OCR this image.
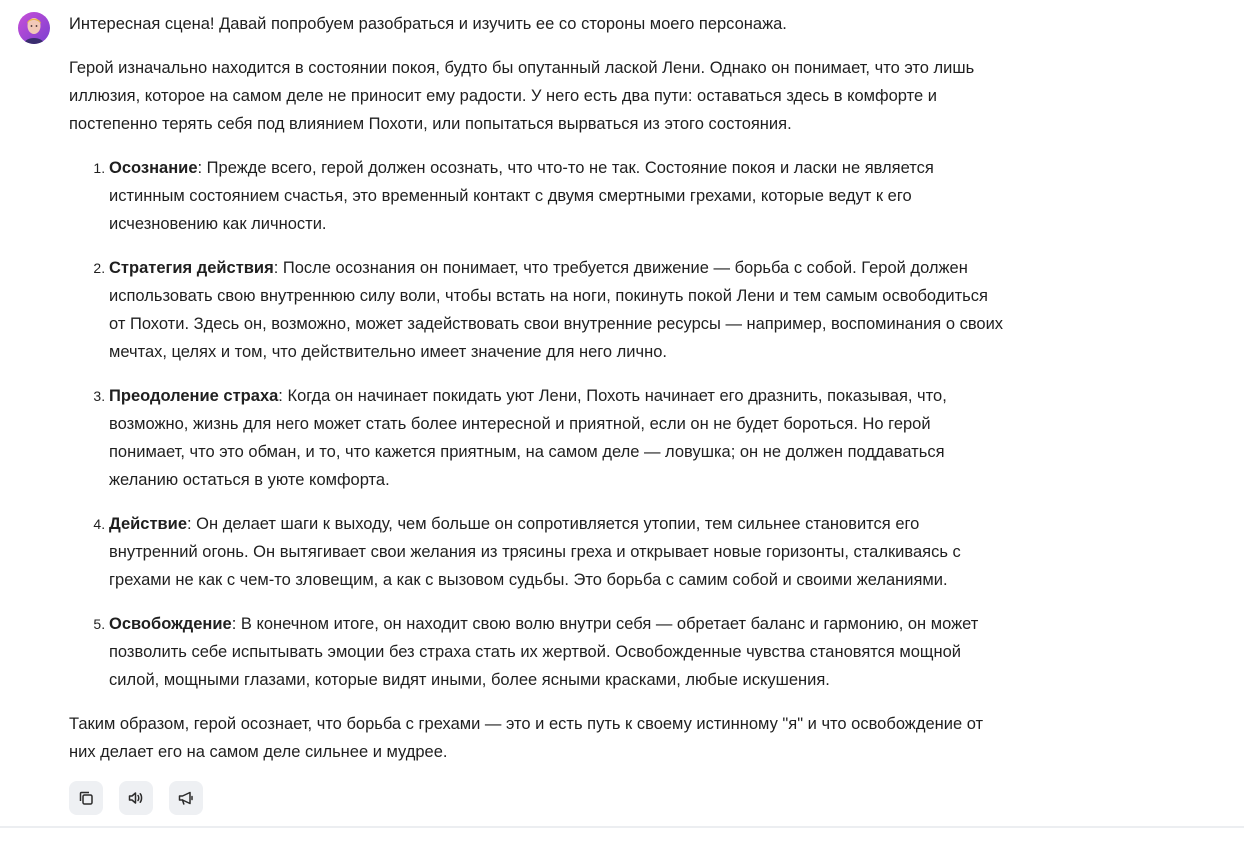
Интересная сцена! Давай попробуем разобраться и изучить ее со стороны моего персонажа.

Герой изначально находится в состоянии покоя, будто бы опутанный лаской Лени. Однако он понимает, что это лишь иллюзия, которое на самом деле не приносит ему радости. У него есть два пути: оставаться здесь в комфорте и постепенно терять себя под влиянием Похоти, или попытаться вырваться из этого состояния.

1. Осознание: Прежде всего, герой должен осознать, что что-то не так. Состояние покоя и ласки не является истинным состоянием счастья, это временный контакт с двумя смертными грехами, которые ведут к его исчезновению как личности.
2. Стратегия действия: После осознания он понимает, что требуется движение — борьба с собой. Герой должен использовать свою внутреннюю силу воли, чтобы встать на ноги, покинуть покой Лени и тем самым освободиться от Похоти. Здесь он, возможно, может задействовать свои внутренние ресурсы — например, воспоминания о своих мечтах, целях и том, что действительно имеет значение для него лично.
3. Преодоление страха: Когда он начинает покидать уют Лени, Похоть начинает его дразнить, показывая, что, возможно, жизнь для него может стать более интересной и приятной, если он не будет бороться. Но герой понимает, что это обман, и то, что кажется приятным, на самом деле — ловушка; он не должен поддаваться желанию остаться в уюте комфорта.
4. Действие: Он делает шаги к выходу, чем больше он сопротивляется утопии, тем сильнее становится его внутренний огонь. Он вытягивает свои желания из трясины греха и открывает новые горизонты, сталкиваясь с грехами не как с чем-то зловещим, а как с вызовом судьбы. Это борьба с самим собой и своими желаниями.
5. Освобождение: В конечном итоге, он находит свою волю внутри себя — обретает баланс и гармонию, он может позволить себе испытывать эмоции без страха стать их жертвой. Освобожденные чувства становятся мощной силой, мощными глазами, которые видят иными, более ясными красками, любые искушения.

Таким образом, герой осознает, что борьба с грехами — это и есть путь к своему истинному "я" и что освобождение от них делает его на самом деле сильнее и мудрее.
